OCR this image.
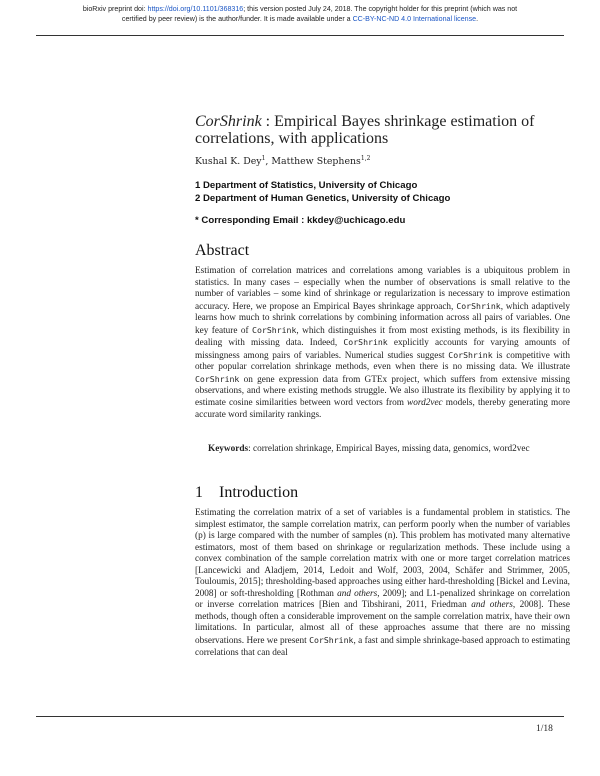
bioRxiv preprint doi: https://doi.org/10.1101/368316; this version posted July 24, 2018. The copyright holder for this preprint (which was not
certified by peer review) is the author/funder. It is made available under a CC-BY-NC-ND 4.0 International license.
CorShrink : Empirical Bayes shrinkage estimation of correlations, with applications
Kushal K. Dey$^1$, Matthew Stephens$^{1,2}$
1 Department of Statistics, University of Chicago
2 Department of Human Genetics, University of Chicago
* Corresponding Email : kkdey@uchicago.edu
Abstract
Estimation of correlation matrices and correlations among variables is a ubiquitous problem in statistics. In many cases – especially when the number of observations is small relative to the number of variables – some kind of shrinkage or regularization is necessary to improve estimation accuracy. Here, we propose an Empirical Bayes shrinkage approach, CorShrink, which adaptively learns how much to shrink correlations by combining information across all pairs of variables. One key feature of CorShrink, which distinguishes it from most existing methods, is its flexibility in dealing with missing data. Indeed, CorShrink explicitly accounts for varying amounts of missingness among pairs of variables. Numerical studies suggest CorShrink is competitive with other popular correlation shrinkage methods, even when there is no missing data. We illustrate CorShrink on gene expression data from GTEx project, which suffers from extensive missing observations, and where existing methods struggle. We also illustrate its flexibility by applying it to estimate cosine similarities between word vectors from word2vec models, thereby generating more accurate word similarity rankings.
Keywords: correlation shrinkage, Empirical Bayes, missing data, genomics, word2vec
1    Introduction
Estimating the correlation matrix of a set of variables is a fundamental problem in statistics. The simplest estimator, the sample correlation matrix, can perform poorly when the number of variables (p) is large compared with the number of samples (n). This problem has motivated many alternative estimators, most of them based on shrinkage or regularization methods. These include using a convex combination of the sample correlation matrix with one or more target correlation matrices [Lancewicki and Aladjem, 2014, Ledoit and Wolf, 2003, 2004, Schäfer and Strimmer, 2005, Touloumis, 2015]; thresholding-based approaches using either hard-thresholding [Bickel and Levina, 2008] or soft-thresholding [Rothman and others, 2009]; and L1-penalized shrinkage on correlation or inverse correlation matrices [Bien and Tibshirani, 2011, Friedman and others, 2008]. These methods, though often a considerable improvement on the sample correlation matrix, have their own limitations. In particular, almost all of these approaches assume that there are no missing observations. Here we present CorShrink, a fast and simple shrinkage-based approach to estimating correlations that can deal
1/18
